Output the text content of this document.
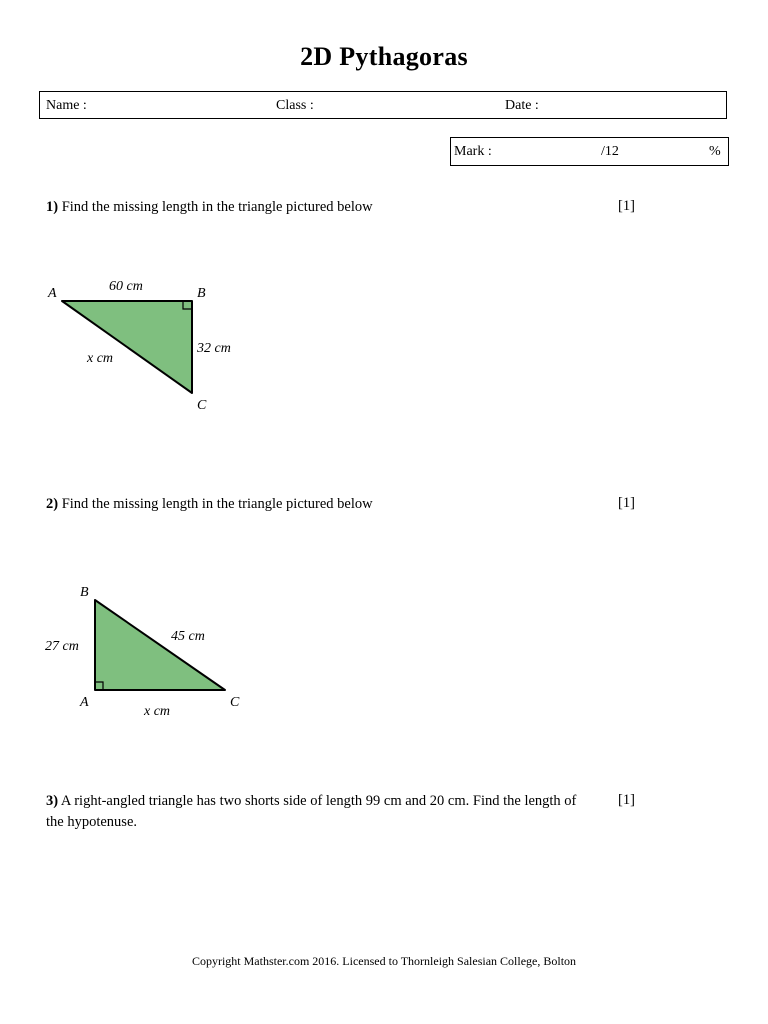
2D Pythagoras
Name :	Class :	Date :
Mark :	/12	%
1) Find the missing length in the triangle pictured below	[1]
A	B
C
60 cm
32 cm
x cm
2) Find the missing length in the triangle pictured below	[1]
B
A	C
27 cm
45 cm
x cm
3) A right-angled triangle has two shorts side of length 99 cm and 20 cm. Find the length of
the hypotenuse.
[1]
Copyright Mathster.com 2016. Licensed to Thornleigh Salesian College, Bolton
